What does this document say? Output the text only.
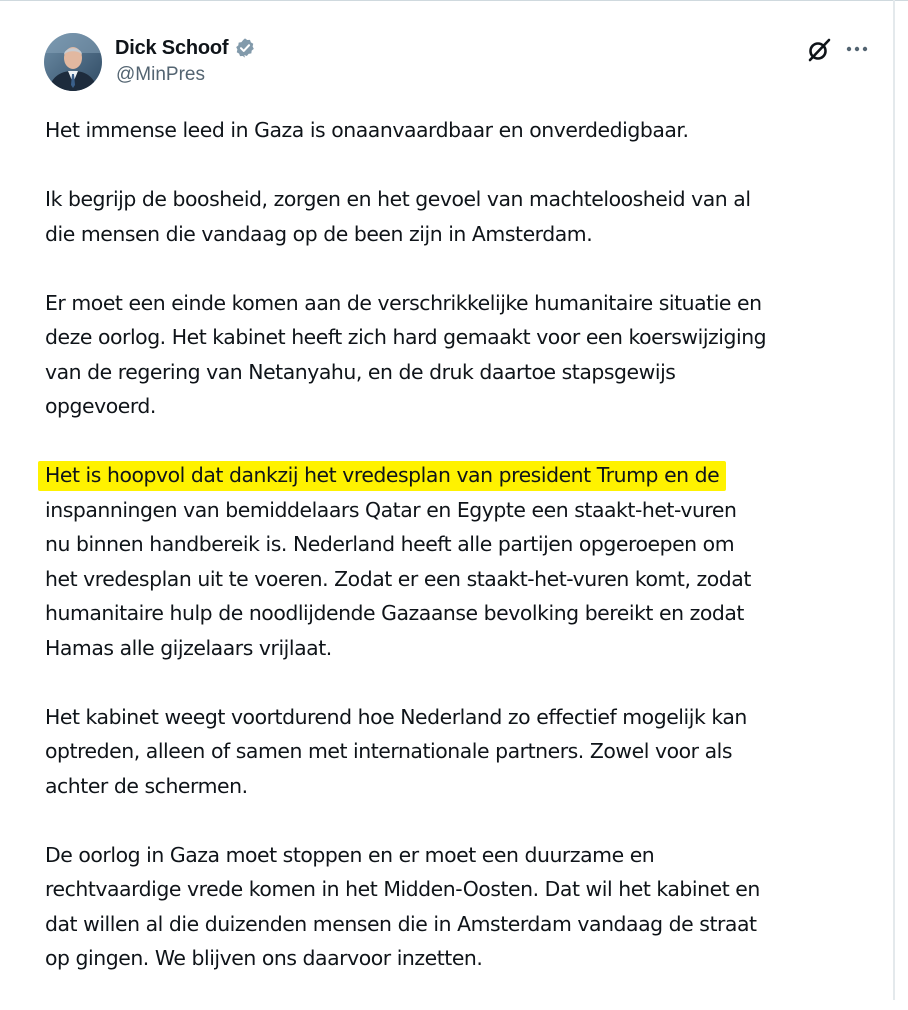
Dick Schoof
@MinPres

Het immense leed in Gaza is onaanvaardbaar en onverdedigbaar.

Ik begrijp de boosheid, zorgen en het gevoel van machteloosheid van al
die mensen die vandaag op de been zijn in Amsterdam.

Er moet een einde komen aan de verschrikkelijke humanitaire situatie en
deze oorlog. Het kabinet heeft zich hard gemaakt voor een koerswijziging
van de regering van Netanyahu, en de druk daartoe stapsgewijs
opgevoerd.

Het is hoopvol dat dankzij het vredesplan van president Trump en de
inspanningen van bemiddelaars Qatar en Egypte een staakt-het-vuren
nu binnen handbereik is. Nederland heeft alle partijen opgeroepen om
het vredesplan uit te voeren. Zodat er een staakt-het-vuren komt, zodat
humanitaire hulp de noodlijdende Gazaanse bevolking bereikt en zodat
Hamas alle gijzelaars vrijlaat.

Het kabinet weegt voortdurend hoe Nederland zo effectief mogelijk kan
optreden, alleen of samen met internationale partners. Zowel voor als
achter de schermen.

De oorlog in Gaza moet stoppen en er moet een duurzame en
rechtvaardige vrede komen in het Midden-Oosten. Dat wil het kabinet en
dat willen al die duizenden mensen die in Amsterdam vandaag de straat
op gingen. We blijven ons daarvoor inzetten.
